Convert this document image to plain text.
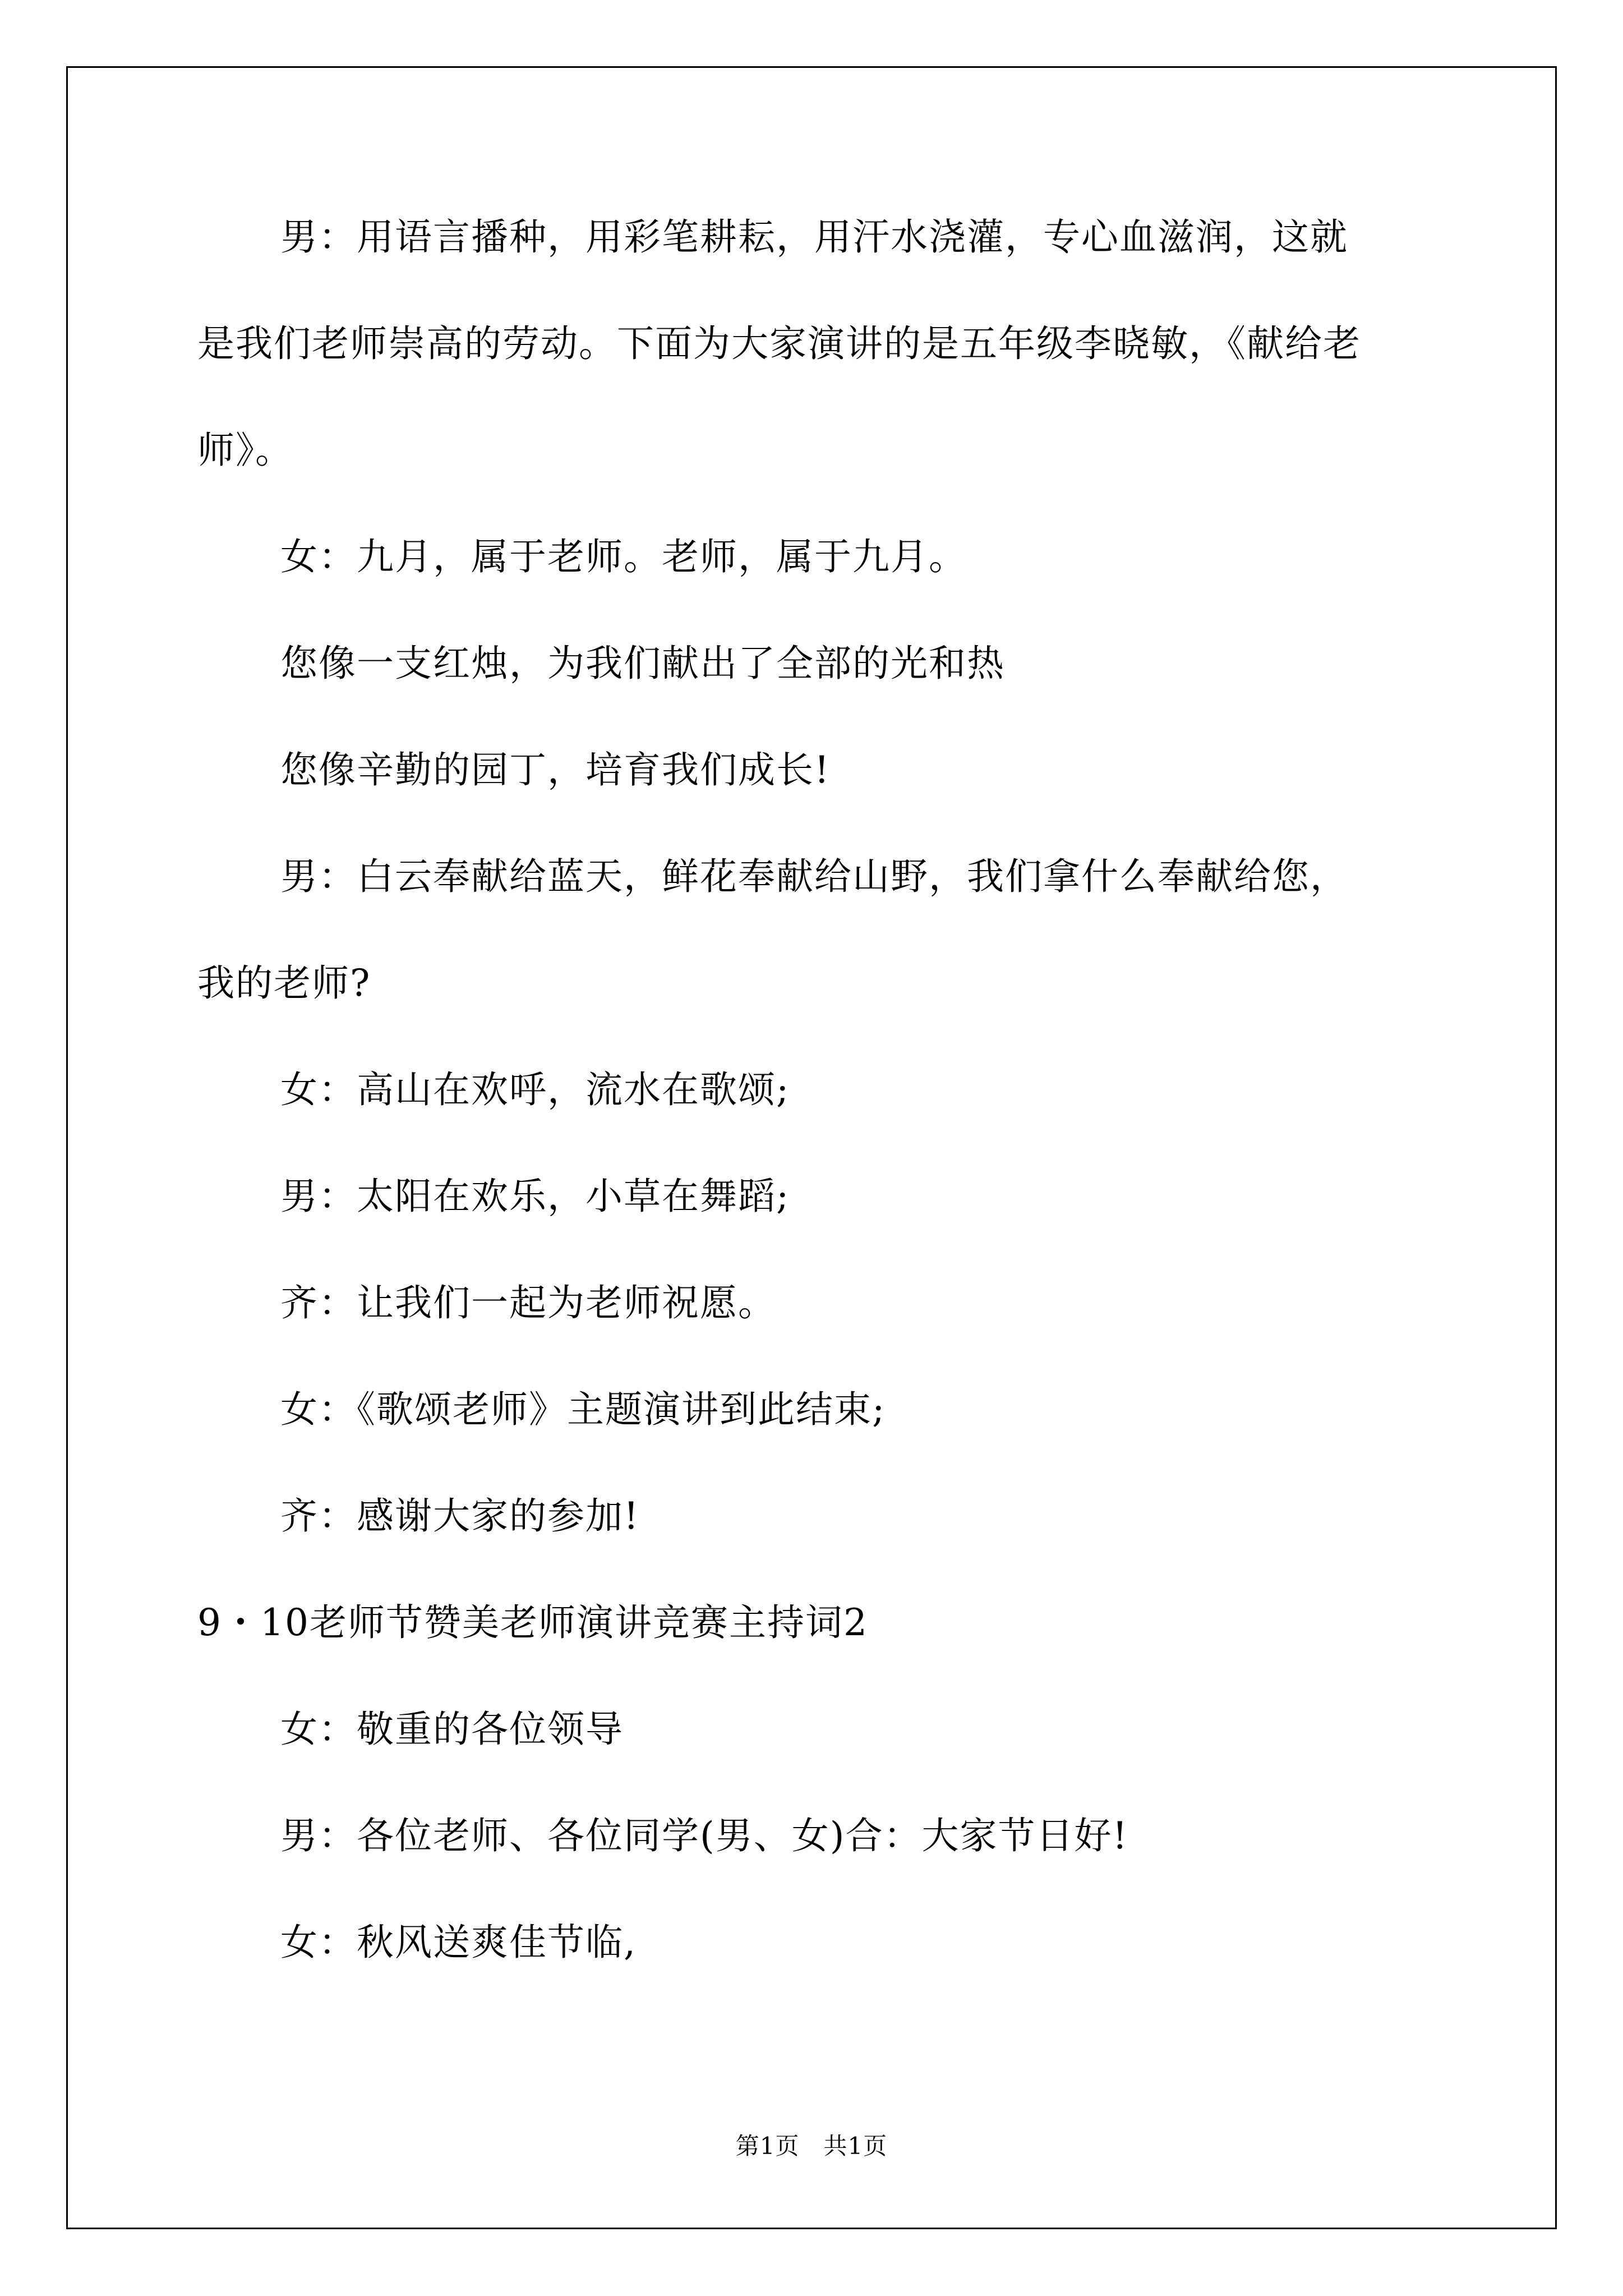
男：用语言播种，用彩笔耕耘，用汗水浇灌，专心血滋润，这就

是我们老师崇高的劳动。下面为大家演讲的是五年级李晓敏，《献给老

师》。

女：九月，属于老师。老师，属于九月。

您像一支红烛，为我们献出了全部的光和热

您像辛勤的园丁，培育我们成长!

男：白云奉献给蓝天，鲜花奉献给山野，我们拿什么奉献给您，

我的老师?

女：高山在欢呼，流水在歌颂;

男：太阳在欢乐，小草在舞蹈;

齐：让我们一起为老师祝愿。

女：《歌颂老师》主题演讲到此结束;

齐：感谢大家的参加!

9・10老师节赞美老师演讲竞赛主持词2

女：敬重的各位领导

男：各位老师、各位同学(男、女)合：大家节日好!

女：秋风送爽佳节临,

第1页　共1页
